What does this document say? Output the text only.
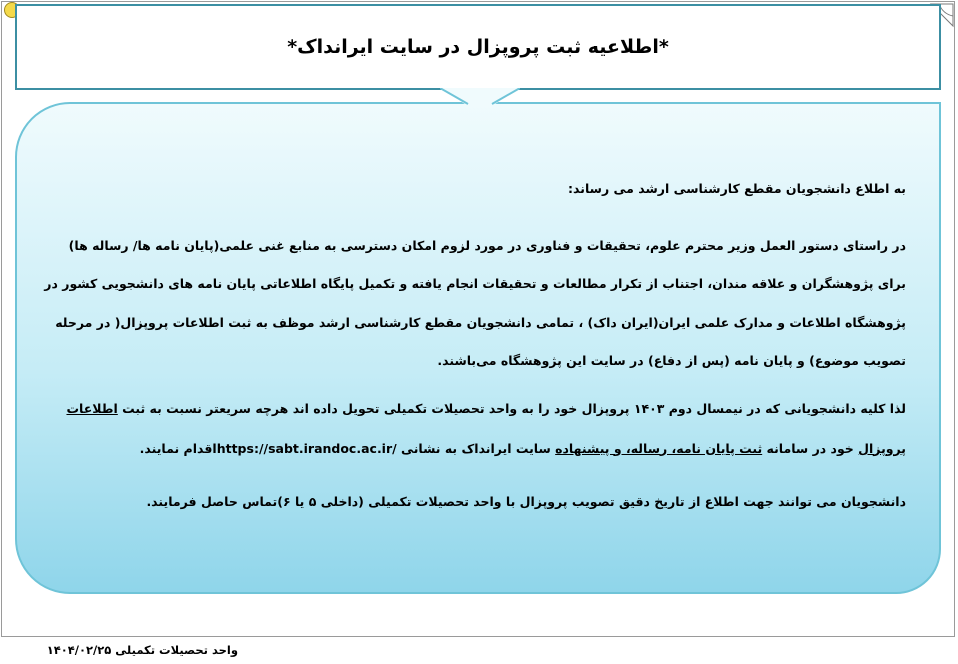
*اطلاعیه ثبت پروپزال در سایت ایرانداک*

به اطلاع دانشجویان مقطع کارشناسی ارشد می رساند:

در راستای دستور العمل وزیر محترم علوم، تحقیقات و فناوری در مورد لزوم امکان دسترسی به منابع غنی علمی(پایان نامه ها/ رساله ها) برای پژوهشگران و علاقه مندان، اجتناب از تکرار مطالعات و تحقیقات انجام یافته و تکمیل پایگاه اطلاعاتی پایان نامه های دانشجویی کشور در پژوهشگاه اطلاعات و مدارک علمی ایران(ایران داک) ، تمامی دانشجویان مقطع کارشناسی ارشد موظف به ثبت اطلاعات پروپزال( در مرحله تصویب موضوع) و پایان نامه (پس از دفاع) در سایت این پژوهشگاه می‌باشند.

لذا کلیه دانشجویانی که در نیمسال دوم ۱۴۰۳ پروپزال خود را به واحد تحصیلات تکمیلی تحویل داده اند هرچه سریعتر نسبت به ثبت اطلاعات پروپزال خود در سامانه ثبت پایان نامه، رساله، و پیشنهاده سایت ایرانداک به نشانی https://sabt.irandoc.ac.ir/اقدام نمایند.

دانشجویان می توانند جهت اطلاع از تاریخ دقیق تصویب پروپزال با واحد تحصیلات تکمیلی (داخلی ۵ یا ۶)تماس حاصل فرمایند.

واحد تحصیلات تکمیلی ۱۴۰۴/۰۲/۲۵
